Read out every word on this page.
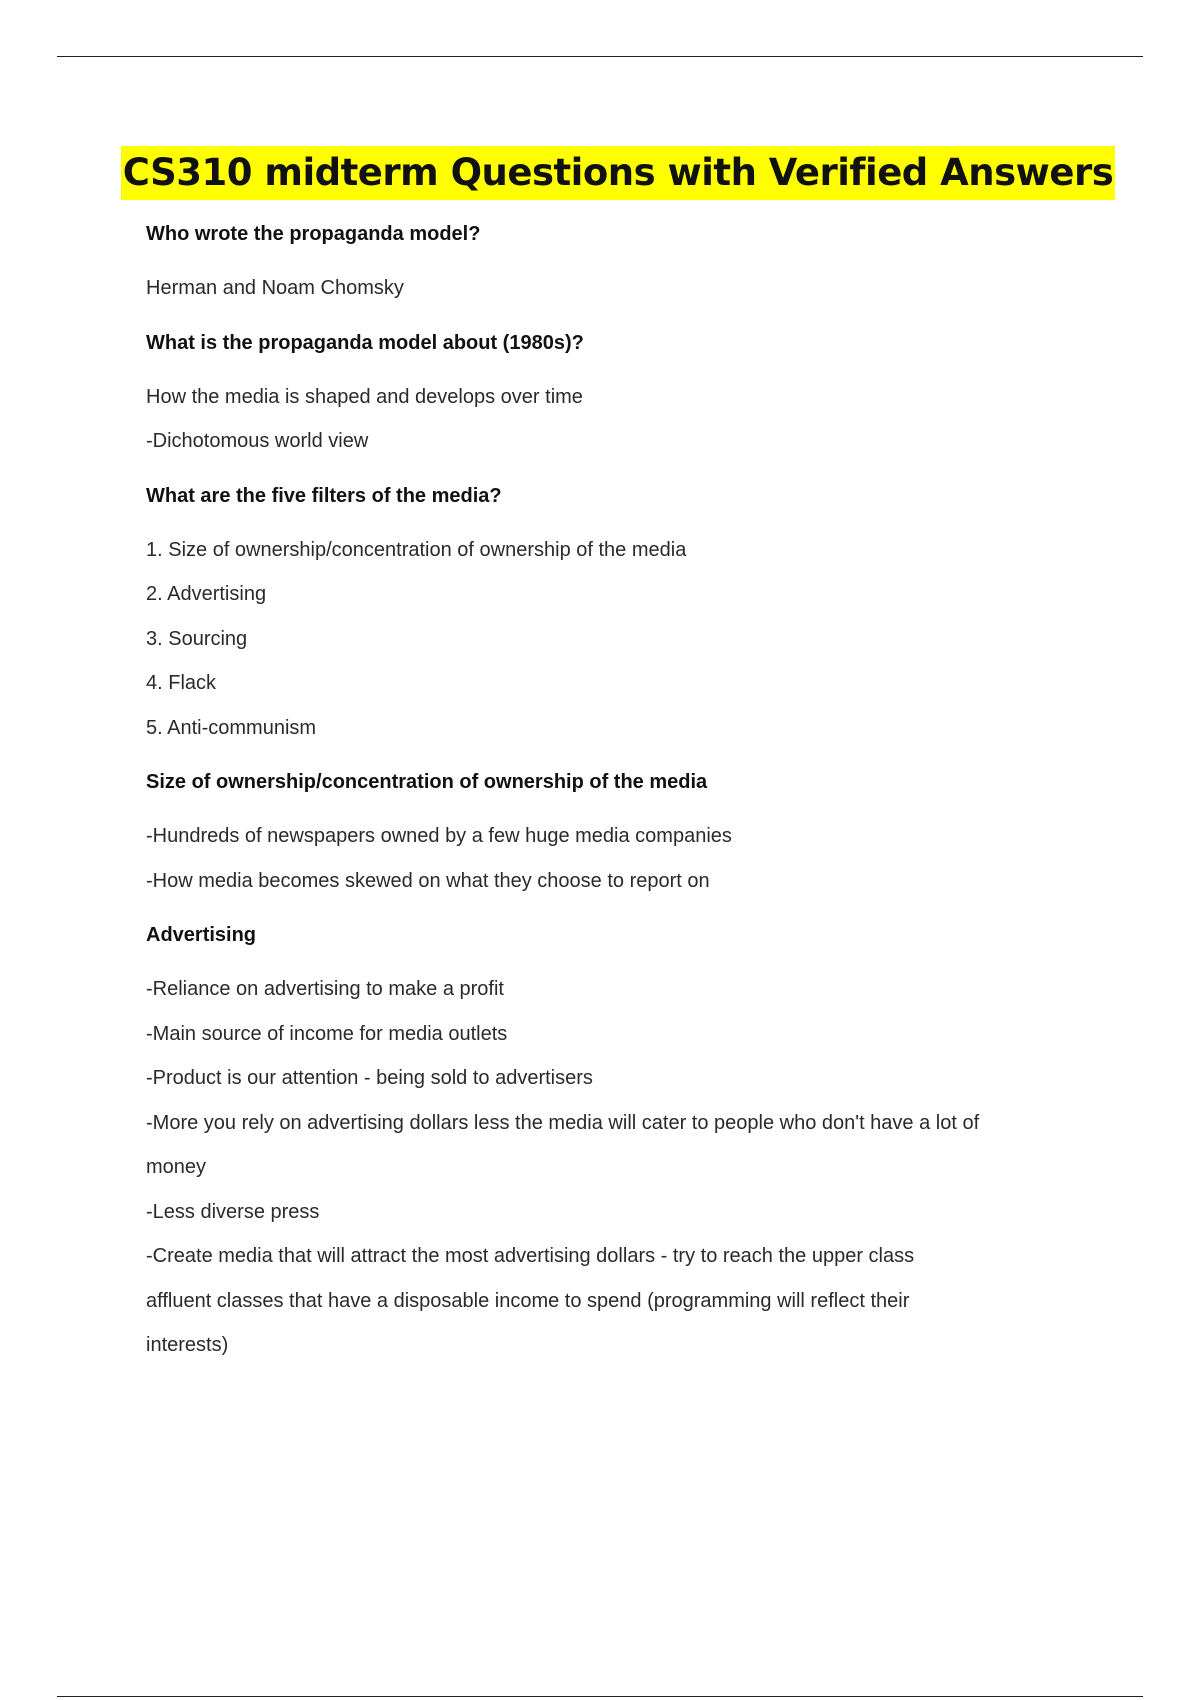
CS310 midterm Questions with Verified Answers

Who wrote the propaganda model?

Herman and Noam Chomsky

What is the propaganda model about (1980s)?

How the media is shaped and develops over time

-Dichotomous world view

What are the five filters of the media?

1. Size of ownership/concentration of ownership of the media

2. Advertising

3. Sourcing

4. Flack

5. Anti-communism

Size of ownership/concentration of ownership of the media

-Hundreds of newspapers owned by a few huge media companies

-How media becomes skewed on what they choose to report on

Advertising

-Reliance on advertising to make a profit

-Main source of income for media outlets

-Product is our attention - being sold to advertisers

-More you rely on advertising dollars less the media will cater to people who don't have a lot of

money

-Less diverse press

-Create media that will attract the most advertising dollars - try to reach the upper class

affluent classes that have a disposable income to spend (programming will reflect their

interests)
